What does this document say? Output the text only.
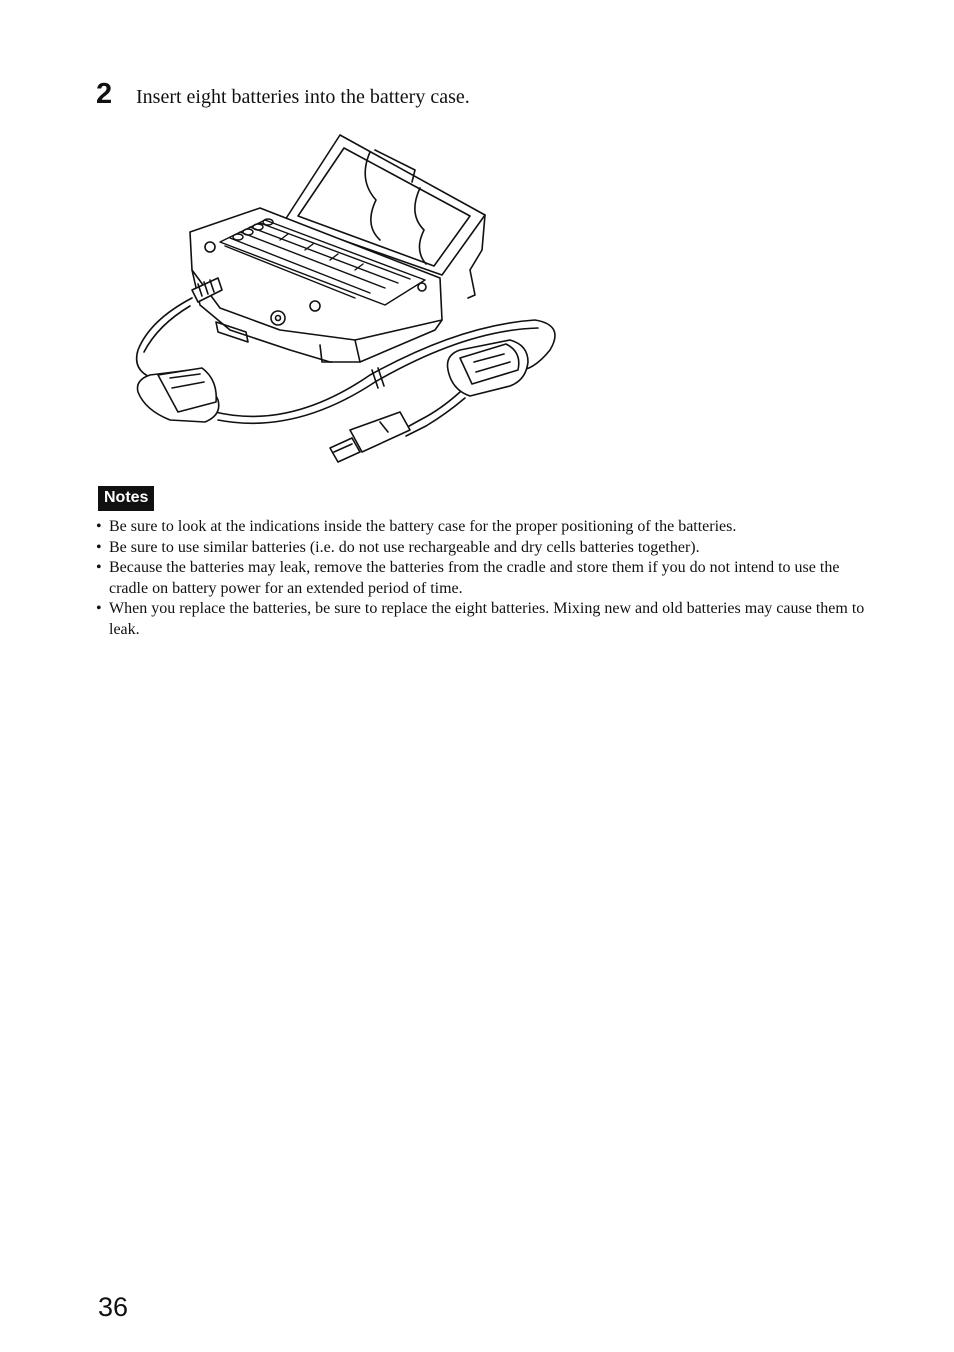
2	Insert eight batteries into the battery case.
Notes
• Be sure to look at the indications inside the battery case for the proper positioning of the batteries.
• Be sure to use similar batteries (i.e. do not use rechargeable and dry cells batteries together).
• Because the batteries may leak, remove the batteries from the cradle and store them if you do not intend to use the cradle on battery power for an extended period of time.
• When you replace the batteries, be sure to replace the eight batteries. Mixing new and old batteries may cause them to leak.
36
